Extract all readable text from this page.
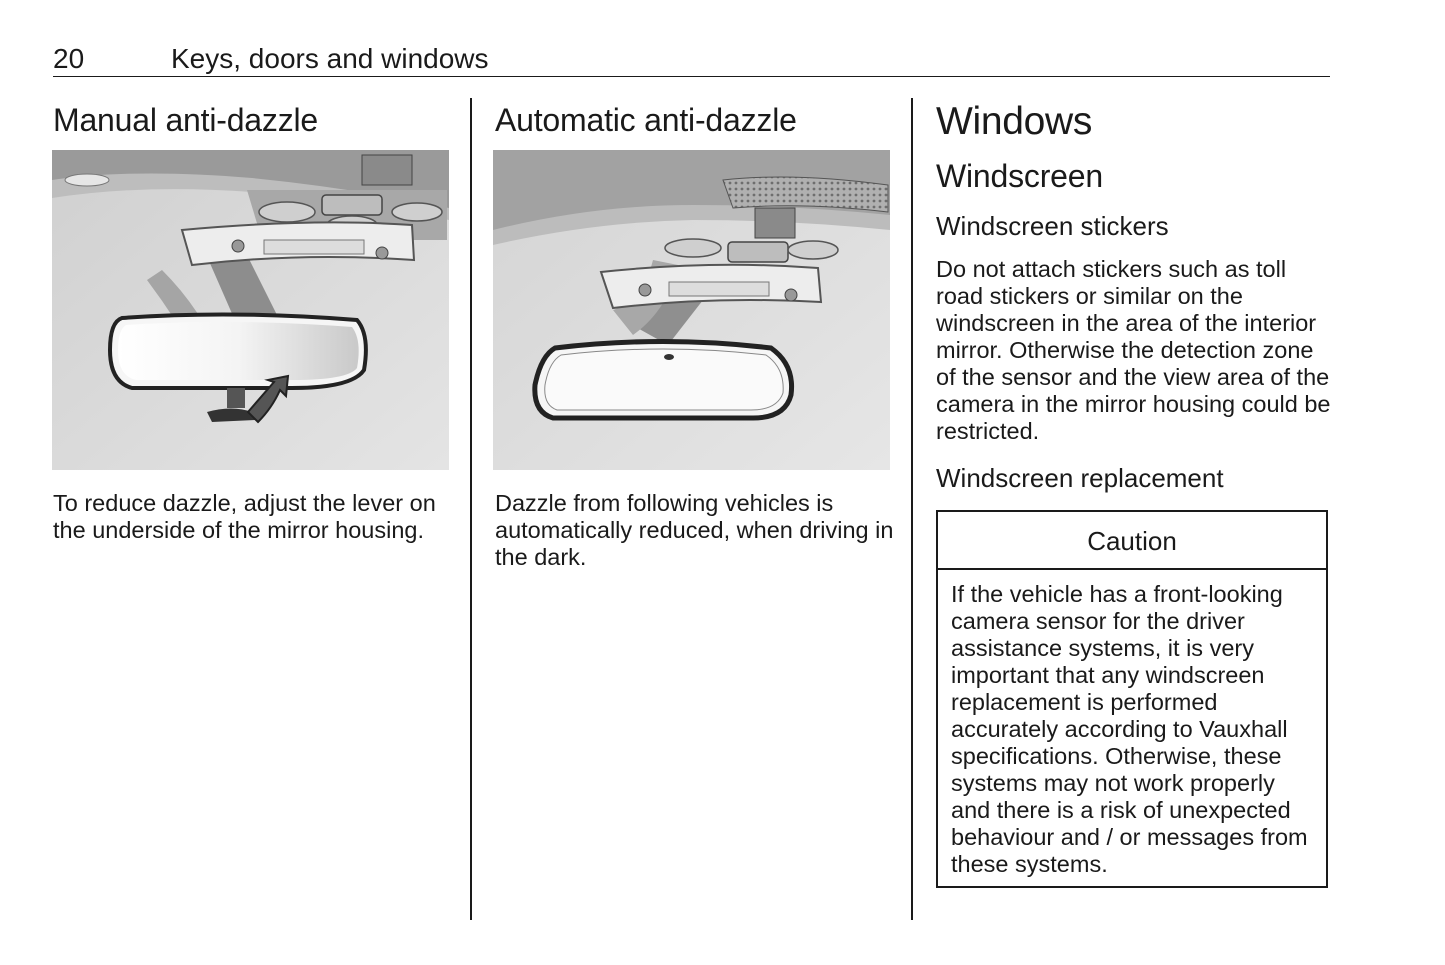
20	Keys, doors and windows
Manual anti-dazzle

To reduce dazzle, adjust the lever on the underside of the mirror housing.

Automatic anti-dazzle

Dazzle from following vehicles is automatically reduced, when driving in the dark.

Windows
Windscreen
Windscreen stickers

Do not attach stickers such as toll road stickers or similar on the windscreen in the area of the interior mirror. Otherwise the detection zone of the sensor and the view area of the camera in the mirror housing could be restricted.

Windscreen replacement
Caution

If the vehicle has a front-looking camera sensor for the driver assistance systems, it is very important that any windscreen replacement is performed accurately according to Vauxhall specifications. Otherwise, these systems may not work properly and there is a risk of unexpected behaviour and / or messages from these systems.
